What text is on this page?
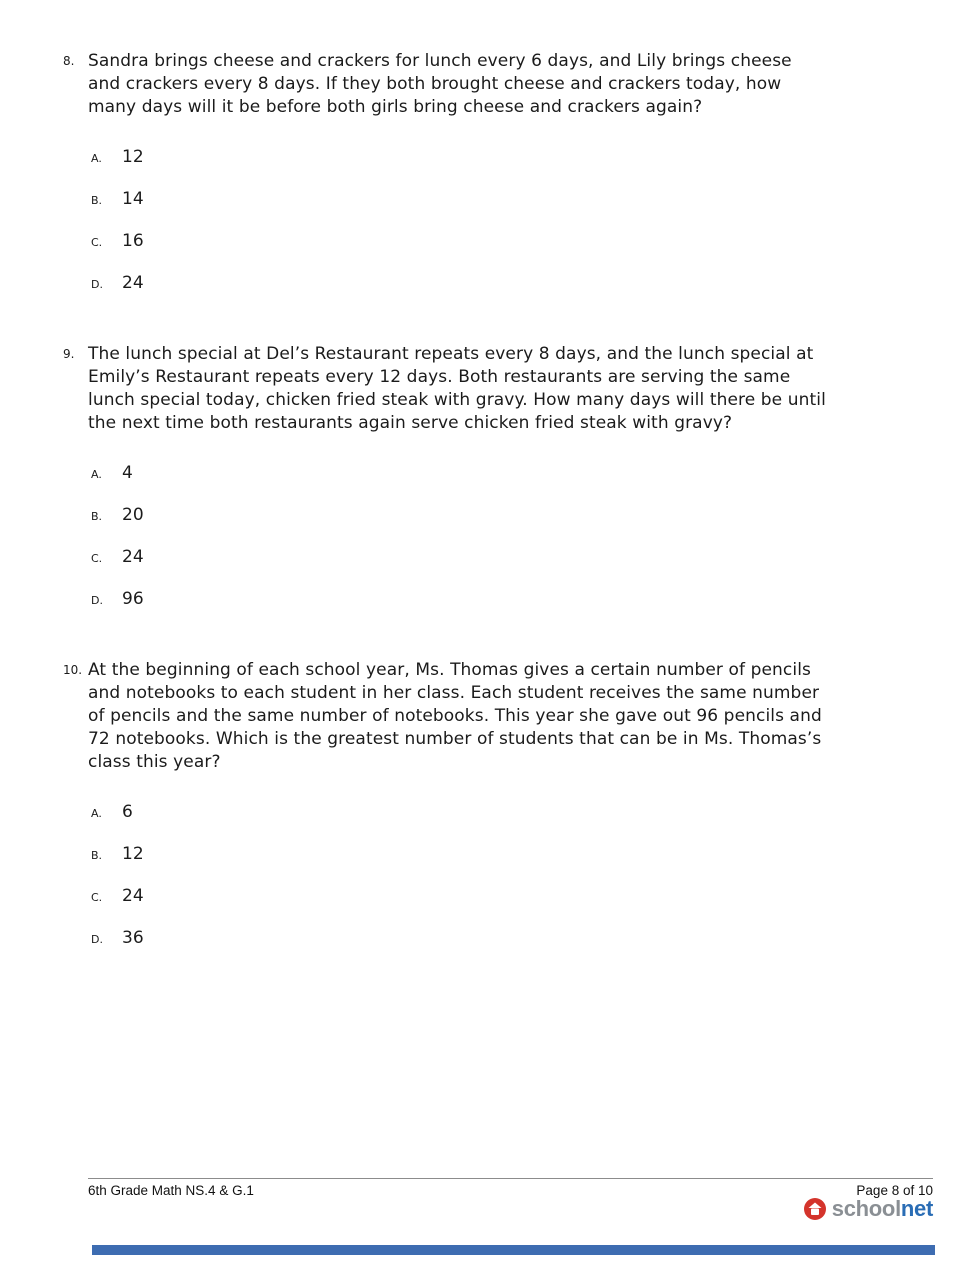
8. Sandra brings cheese and crackers for lunch every 6 days, and Lily brings cheese and crackers every 8 days. If they both brought cheese and crackers today, how many days will it be before both girls bring cheese and crackers again?

A.	12
B.	14
C.	16
D.	24
9. The lunch special at Del’s Restaurant repeats every 8 days, and the lunch special at Emily’s Restaurant repeats every 12 days. Both restaurants are serving the same lunch special today, chicken fried steak with gravy. How many days will there be until the next time both restaurants again serve chicken fried steak with gravy?

A.	4
B.	20
C.	24
D.	96
10. At the beginning of each school year, Ms. Thomas gives a certain number of pencils and notebooks to each student in her class. Each student receives the same number of pencils and the same number of notebooks. This year she gave out 96 pencils and 72 notebooks. Which is the greatest number of students that can be in Ms. Thomas’s class this year?

A.	6
B.	12
C.	24
D.	36
6th Grade Math NS.4 & G.1	Page 8 of 10
school net
